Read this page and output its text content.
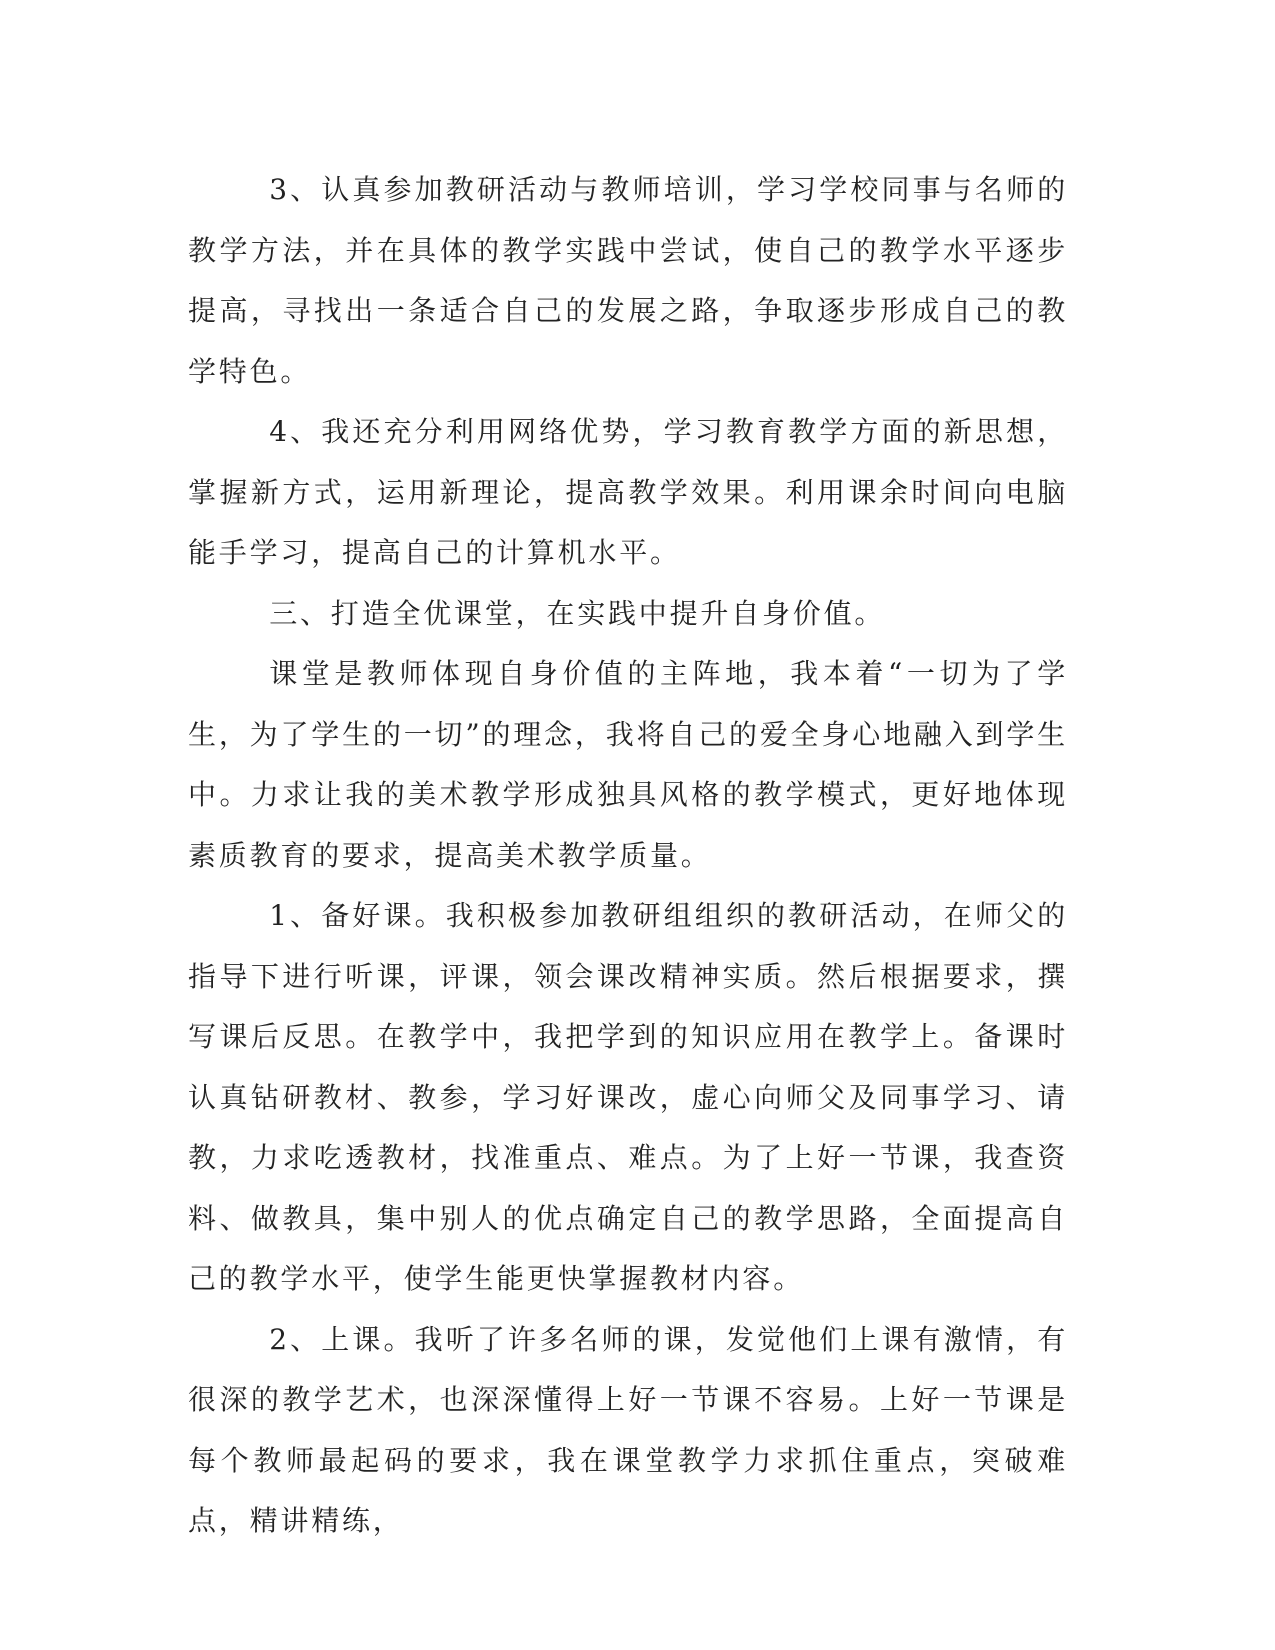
3、认真参加教研活动与教师培训，学习学校同事与名师的教学方法，并在具体的教学实践中尝试，使自己的教学水平逐步提高，寻找出一条适合自己的发展之路，争取逐步形成自己的教学特色。

4、我还充分利用网络优势，学习教育教学方面的新思想，掌握新方式，运用新理论，提高教学效果。利用课余时间向电脑能手学习，提高自己的计算机水平。

三、打造全优课堂，在实践中提升自身价值。

课堂是教师体现自身价值的主阵地，我本着“一切为了学生，为了学生的一切”的理念，我将自己的爱全身心地融入到学生中。力求让我的美术教学形成独具风格的教学模式，更好地体现素质教育的要求，提高美术教学质量。

1、备好课。我积极参加教研组组织的教研活动，在师父的指导下进行听课，评课，领会课改精神实质。然后根据要求，撰写课后反思。在教学中，我把学到的知识应用在教学上。备课时认真钻研教材、教参，学习好课改，虚心向师父及同事学习、请教，力求吃透教材，找准重点、难点。为了上好一节课，我查资料、做教具，集中别人的优点确定自己的教学思路，全面提高自己的教学水平，使学生能更快掌握教材内容。

2、上课。我听了许多名师的课，发觉他们上课有激情，有很深的教学艺术，也深深懂得上好一节课不容易。上好一节课是每个教师最起码的要求，我在课堂教学力求抓住重点，突破难点，精讲精练，
